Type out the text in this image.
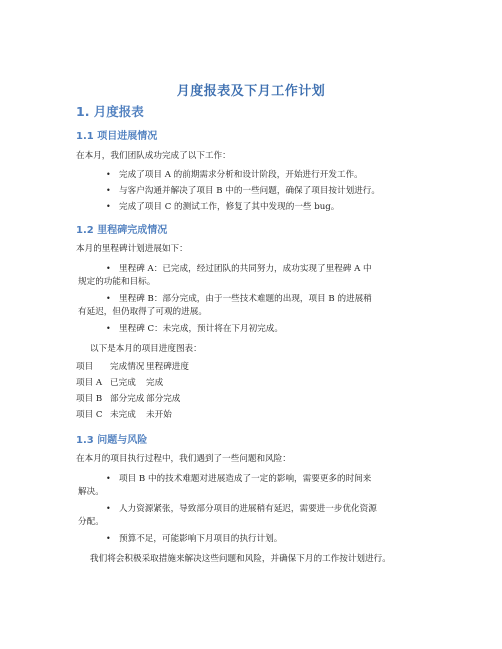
月度报表及下月工作计划
1. 月度报表
1.1 项目进展情况
在本月，我们团队成功完成了以下工作：
• 完成了项目 A 的前期需求分析和设计阶段，开始进行开发工作。
• 与客户沟通并解决了项目 B 中的一些问题，确保了项目按计划进行。
• 完成了项目 C 的测试工作，修复了其中发现的一些 bug。
1.2 里程碑完成情况
本月的里程碑计划进展如下：
• 里程碑 A：已完成，经过团队的共同努力，成功实现了里程碑 A 中
规定的功能和目标。
• 里程碑 B：部分完成，由于一些技术难题的出现，项目 B 的进展稍
有延迟，但仍取得了可观的进展。
• 里程碑 C：未完成，预计将在下月初完成。
以下是本月的项目进度图表：
项目 完成情况 里程碑进度
项目 A 已完成 完成
项目 B 部分完成 部分完成
项目 C 未完成 未开始
1.3 问题与风险
在本月的项目执行过程中，我们遇到了一些问题和风险：
• 项目 B 中的技术难题对进展造成了一定的影响，需要更多的时间来
解决。
• 人力资源紧张，导致部分项目的进展稍有延迟，需要进一步优化资源
分配。
• 预算不足，可能影响下月项目的执行计划。
我们将会积极采取措施来解决这些问题和风险，并确保下月的工作按计划进行。
